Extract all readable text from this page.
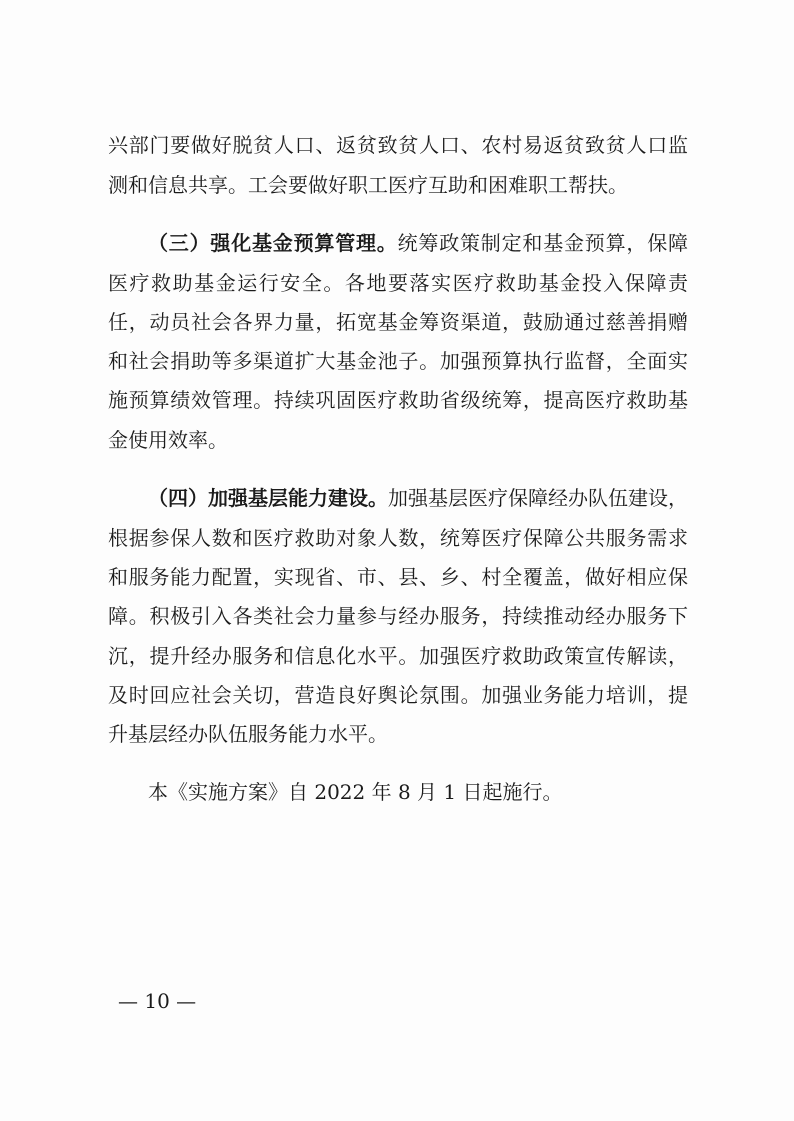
兴部门要做好脱贫人口、返贫致贫人口、农村易返贫致贫人口监
测和信息共享。工会要做好职工医疗互助和困难职工帮扶。
（三）强化基金预算管理。统筹政策制定和基金预算，保障
医疗救助基金运行安全。各地要落实医疗救助基金投入保障责
任，动员社会各界力量，拓宽基金筹资渠道，鼓励通过慈善捐赠
和社会捐助等多渠道扩大基金池子。加强预算执行监督，全面实
施预算绩效管理。持续巩固医疗救助省级统筹，提高医疗救助基
金使用效率。
（四）加强基层能力建设。加强基层医疗保障经办队伍建设，
根据参保人数和医疗救助对象人数，统筹医疗保障公共服务需求
和服务能力配置，实现省、市、县、乡、村全覆盖，做好相应保
障。积极引入各类社会力量参与经办服务，持续推动经办服务下
沉，提升经办服务和信息化水平。加强医疗救助政策宣传解读，
及时回应社会关切，营造良好舆论氛围。加强业务能力培训，提
升基层经办队伍服务能力水平。
本《实施方案》自 2022 年 8 月 1 日起施行。
— 10 —
